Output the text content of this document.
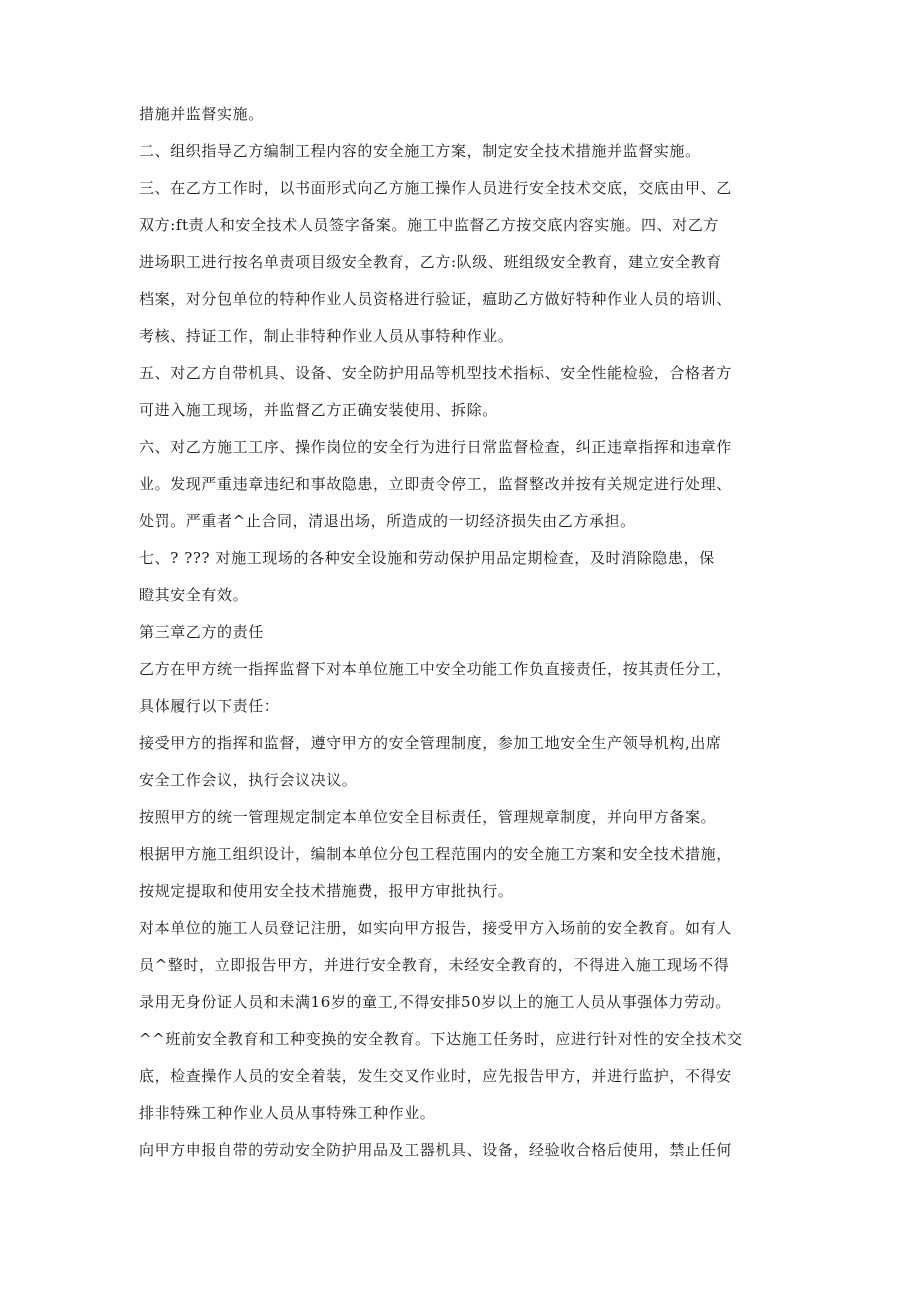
措施并监督实施。
二、组织指导乙方编制工程内容的安全施工方案，制定安全技术措施并监督实施。
三、在乙方工作时，以书面形式向乙方施工操作人员进行安全技术交底，交底由甲、乙
双方:ft责人和安全技术人员签字备案。施工中监督乙方按交底内容实施。四、对乙方
进场职工进行按名单责项目级安全教育，乙方:队级、班组级安全教育，建立安全教育
档案，对分包单位的特种作业人员资格进行验证，瘟助乙方做好特种作业人员的培训、
考核、持证工作，制止非特种作业人员从事特种作业。
五、对乙方自带机具、设备、安全防护用品等机型技术指标、安全性能检验，合格者方
可进入施工现场，并监督乙方正确安装使用、拆除。
六、对乙方施工工序、操作岗位的安全行为进行日常监督检查，纠正违章指挥和违章作
业。发现严重违章违纪和事故隐患，立即责令停工，监督整改并按有关规定进行处理、
处罚。严重者^止合同，清退出场，所造成的一切经济损失由乙方承担。
七、? ??? 对施工现场的各种安全设施和劳动保护用品定期检查，及时消除隐患，保
瞪其安全有效。
第三章乙方的责任
乙方在甲方统一指挥监督下对本单位施工中安全功能工作负直接责任，按其责任分工，
具体履行以下责任：
接受甲方的指挥和监督，遵守甲方的安全管理制度，参加工地安全生产领导机构,出席
安全工作会议，执行会议决议。
按照甲方的统一管理规定制定本单位安全目标责任，管理规章制度，并向甲方备案。
根据甲方施工组织设计，编制本单位分包工程范围内的安全施工方案和安全技术措施，
按规定提取和使用安全技术措施费，报甲方审批执行。
对本单位的施工人员登记注册，如实向甲方报告，接受甲方入场前的安全教育。如有人
员^整时，立即报告甲方，并进行安全教育，未经安全教育的，不得进入施工现场不得
录用无身份证人员和未满16岁的童工,不得安排50岁以上的施工人员从事强体力劳动。
^^班前安全教育和工种变换的安全教育。下达施工任务时，应进行针对性的安全技术交
底，检查操作人员的安全着装，发生交叉作业时，应先报告甲方，并进行监护，不得安
排非特殊工种作业人员从事特殊工种作业。
向甲方申报自带的劳动安全防护用品及工器机具、设备，经验收合格后使用，禁止任何
